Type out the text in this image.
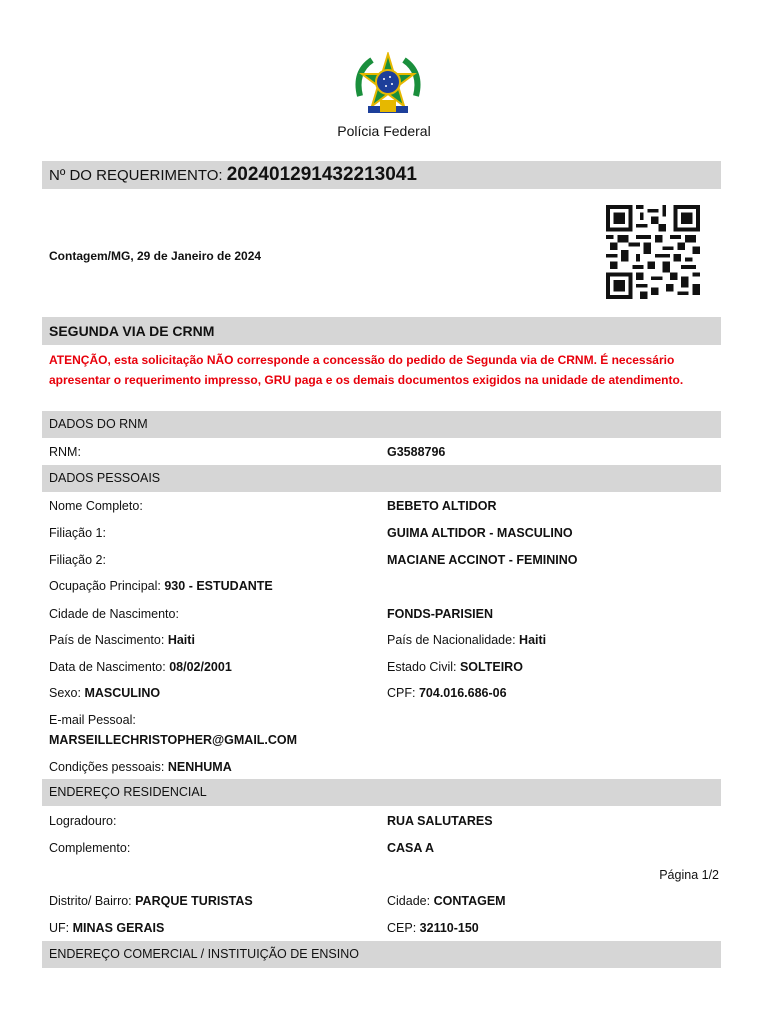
Polícia Federal
Nº DO REQUERIMENTO: 202401291432213041
Contagem/MG, 29 de Janeiro de 2024
SEGUNDA VIA DE CRNM
ATENÇÃO, esta solicitação NÃO corresponde a concessão do pedido de Segunda via de CRNM. É necessário apresentar o requerimento impresso, GRU paga e os demais documentos exigidos na unidade de atendimento.
DADOS DO RNM
RNM:	G3588796
DADOS PESSOAIS
Nome Completo:	BEBETO ALTIDOR
Filiação 1:	GUIMA ALTIDOR - MASCULINO
Filiação 2:	MACIANE ACCINOT - FEMININO
Ocupação Principal: 930 - ESTUDANTE
Cidade de Nascimento:	FONDS-PARISIEN
País de Nascimento: Haiti	País de Nacionalidade: Haiti
Data de Nascimento: 08/02/2001	Estado Civil: SOLTEIRO
Sexo: MASCULINO	CPF: 704.016.686-06
E-mail Pessoal:
MARSEILLECHRISTOPHER@GMAIL.COM
Condições pessoais: NENHUMA
ENDEREÇO RESIDENCIAL
Logradouro:	RUA SALUTARES
Complemento:	CASA A
Página 1/2
Distrito/ Bairro: PARQUE TURISTAS	Cidade: CONTAGEM
UF: MINAS GERAIS	CEP: 32110-150
ENDEREÇO COMERCIAL / INSTITUIÇÃO DE ENSINO
